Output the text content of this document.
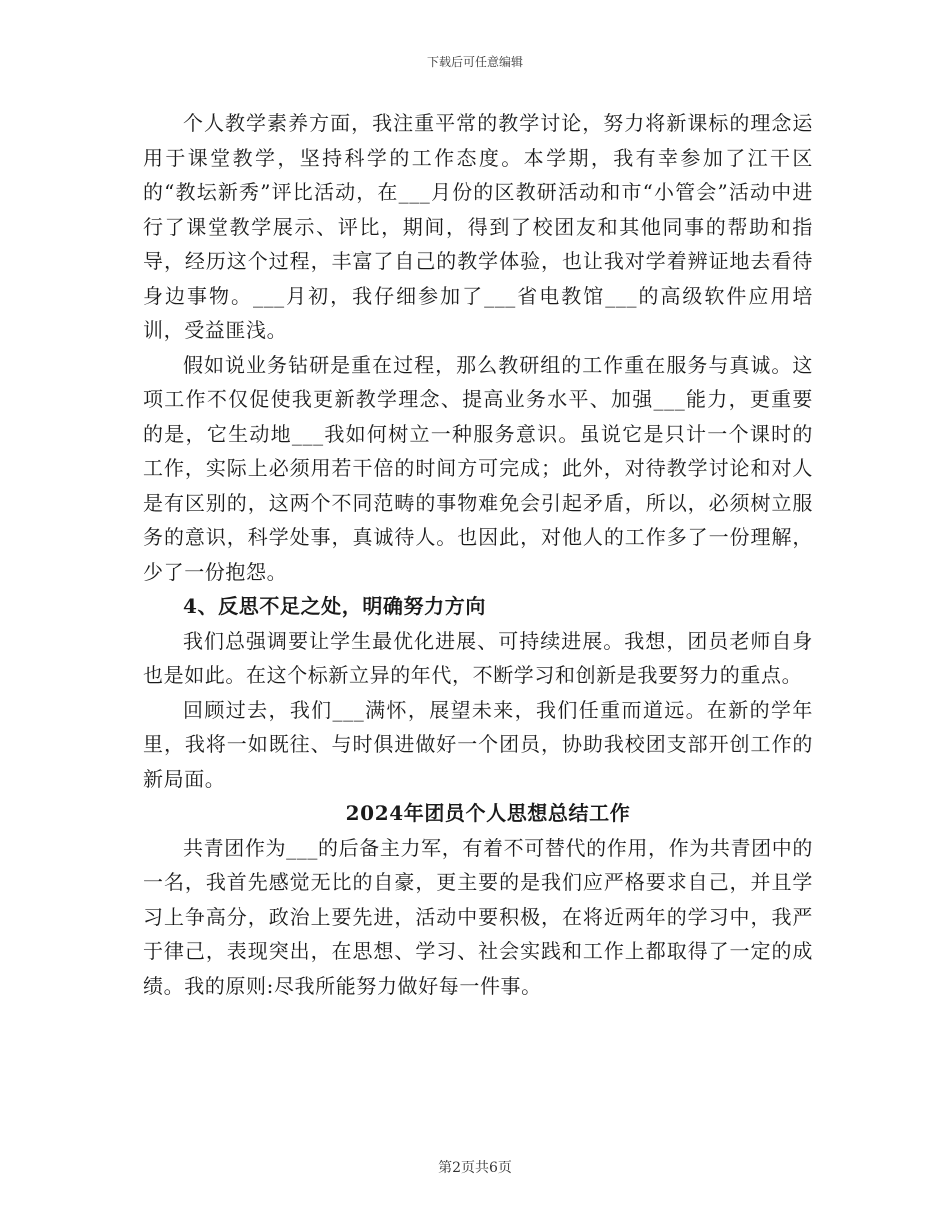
下载后可任意编辑

个人教学素养方面，我注重平常的教学讨论，努力将新课标的理念运用于课堂教学，坚持科学的工作态度。本学期，我有幸参加了江干区的“教坛新秀”评比活动，在___月份的区教研活动和市“小管会”活动中进行了课堂教学展示、评比，期间，得到了校团友和其他同事的帮助和指导，经历这个过程，丰富了自己的教学体验，也让我对学着辨证地去看待身边事物。___月初，我仔细参加了___省电教馆___的高级软件应用培训，受益匪浅。

假如说业务钻研是重在过程，那么教研组的工作重在服务与真诚。这项工作不仅促使我更新教学理念、提高业务水平、加强___能力，更重要的是，它生动地___我如何树立一种服务意识。虽说它是只计一个课时的工作，实际上必须用若干倍的时间方可完成；此外，对待教学讨论和对人是有区别的，这两个不同范畴的事物难免会引起矛盾，所以，必须树立服务的意识，科学处事，真诚待人。也因此，对他人的工作多了一份理解，少了一份抱怨。

4、反思不足之处，明确努力方向

我们总强调要让学生最优化进展、可持续进展。我想，团员老师自身也是如此。在这个标新立异的年代，不断学习和创新是我要努力的重点。

回顾过去，我们___满怀，展望未来，我们任重而道远。在新的学年里，我将一如既往、与时俱进做好一个团员，协助我校团支部开创工作的新局面。

2024年团员个人思想总结工作

共青团作为___的后备主力军，有着不可替代的作用，作为共青团中的一名，我首先感觉无比的自豪，更主要的是我们应严格要求自己，并且学习上争高分，政治上要先进，活动中要积极，在将近两年的学习中，我严于律己，表现突出，在思想、学习、社会实践和工作上都取得了一定的成绩。我的原则:尽我所能努力做好每一件事。

第2页共6页
